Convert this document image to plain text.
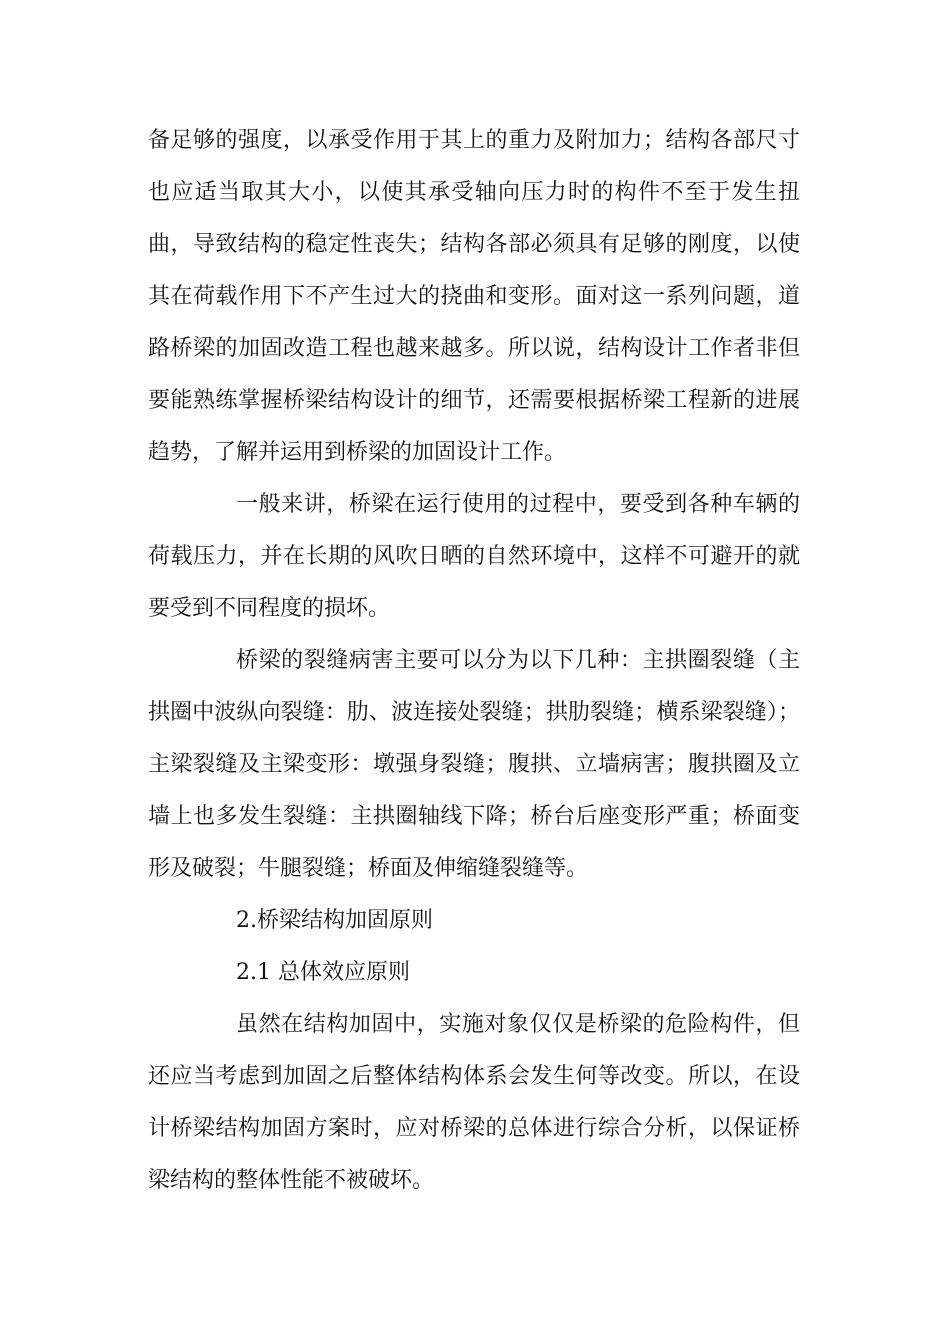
备足够的强度，以承受作用于其上的重力及附加力；结构各部尺寸也应适当取其大小，以使其承受轴向压力时的构件不至于发生扭曲，导致结构的稳定性丧失；结构各部必须具有足够的刚度，以使其在荷载作用下不产生过大的挠曲和变形。面对这一系列问题，道路桥梁的加固改造工程也越来越多。所以说，结构设计工作者非但要能熟练掌握桥梁结构设计的细节，还需要根据桥梁工程新的进展趋势，了解并运用到桥梁的加固设计工作。

一般来讲，桥梁在运行使用的过程中，要受到各种车辆的荷载压力，并在长期的风吹日晒的自然环境中，这样不可避开的就要受到不同程度的损坏。

桥梁的裂缝病害主要可以分为以下几种：主拱圈裂缝（主拱圈中波纵向裂缝：肋、波连接处裂缝；拱肋裂缝；横系梁裂缝）；主梁裂缝及主梁变形：墩强身裂缝；腹拱、立墙病害；腹拱圈及立墙上也多发生裂缝：主拱圈轴线下降；桥台后座变形严重；桥面变形及破裂；牛腿裂缝；桥面及伸缩缝裂缝等。

2.桥梁结构加固原则

2.1 总体效应原则

虽然在结构加固中，实施对象仅仅是桥梁的危险构件，但还应当考虑到加固之后整体结构体系会发生何等改变。所以，在设计桥梁结构加固方案时，应对桥梁的总体进行综合分析，以保证桥梁结构的整体性能不被破坏。
